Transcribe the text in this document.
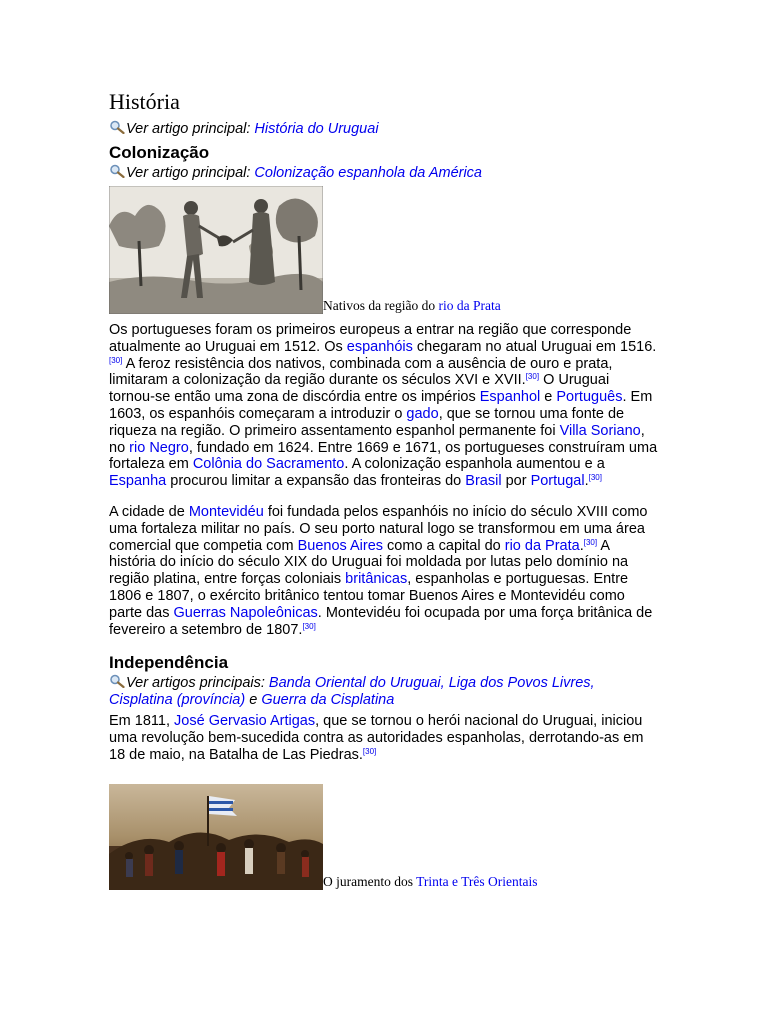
História
Ver artigo principal: História do Uruguai
Colonização
Ver artigo principal: Colonização espanhola da América
Nativos da região do rio da Prata

Os portugueses foram os primeiros europeus a entrar na região que corresponde atualmente ao Uruguai em 1512. Os espanhóis chegaram no atual Uruguai em 1516.[30] A feroz resistência dos nativos, combinada com a ausência de ouro e prata, limitaram a colonização da região durante os séculos XVI e XVII.[30] O Uruguai tornou-se então uma zona de discórdia entre os impérios Espanhol e Português. Em 1603, os espanhóis começaram a introduzir o gado, que se tornou uma fonte de riqueza na região. O primeiro assentamento espanhol permanente foi Villa Soriano, no rio Negro, fundado em 1624. Entre 1669 e 1671, os portugueses construíram uma fortaleza em Colônia do Sacramento. A colonização espanhola aumentou e a Espanha procurou limitar a expansão das fronteiras do Brasil por Portugal.[30]

A cidade de Montevidéu foi fundada pelos espanhóis no início do século XVIII como uma fortaleza militar no país. O seu porto natural logo se transformou em uma área comercial que competia com Buenos Aires como a capital do rio da Prata.[30] A história do início do século XIX do Uruguai foi moldada por lutas pelo domínio na região platina, entre forças coloniais britânicas, espanholas e portuguesas. Entre 1806 e 1807, o exército britânico tentou tomar Buenos Aires e Montevidéu como parte das Guerras Napoleônicas. Montevidéu foi ocupada por uma força britânica de fevereiro a setembro de 1807.[30]

Independência
Ver artigos principais: Banda Oriental do Uruguai, Liga dos Povos Livres, Cisplatina (província) e Guerra da Cisplatina

Em 1811, José Gervasio Artigas, que se tornou o herói nacional do Uruguai, iniciou uma revolução bem-sucedida contra as autoridades espanholas, derrotando-as em 18 de maio, na Batalha de Las Piedras.[30]

O juramento dos Trinta e Três Orientais
